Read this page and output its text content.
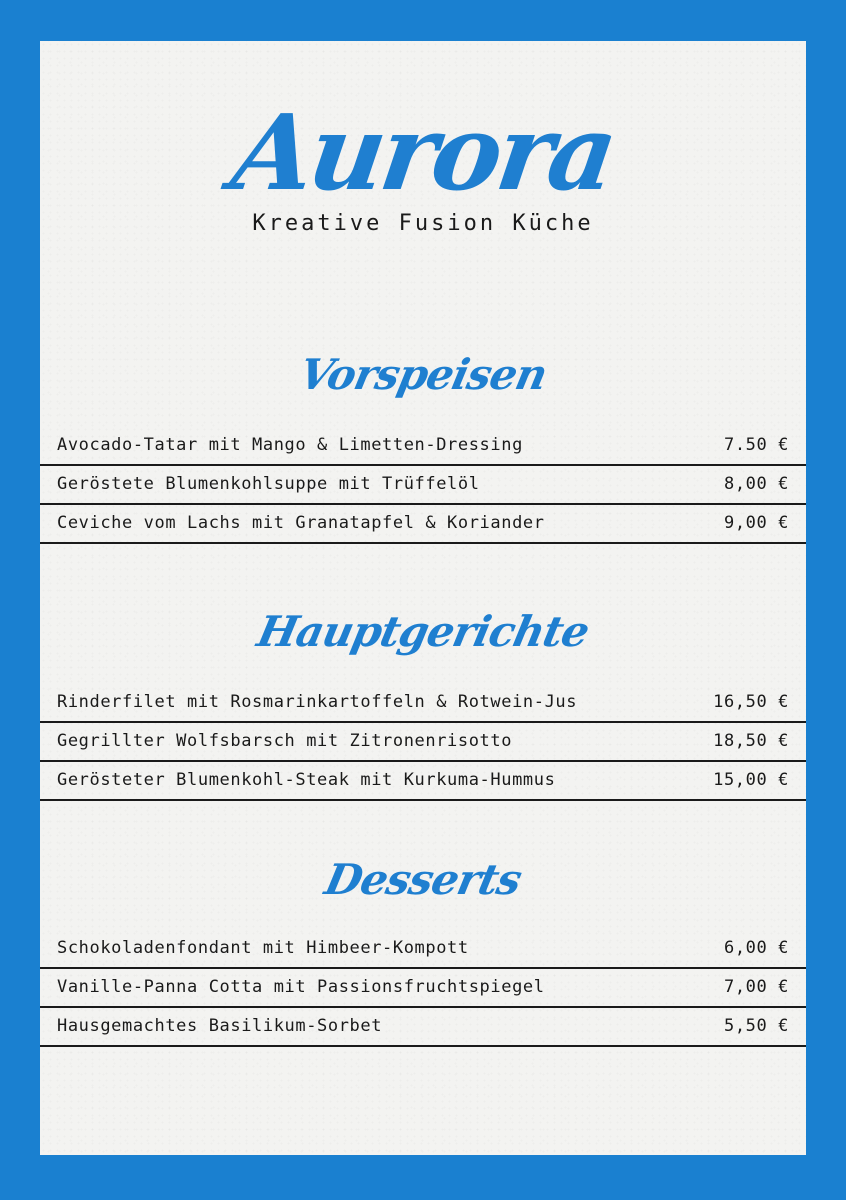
Aurora
Kreative Fusion Küche
Vorspeisen
Avocado-Tatar mit Mango & Limetten-Dressing	7.50 €
Geröstete Blumenkohlsuppe mit Trüffelöl	8,00 €
Ceviche vom Lachs mit Granatapfel & Koriander	9,00 €
Hauptgerichte
Rinderfilet mit Rosmarinkartoffeln & Rotwein-Jus	16,50 €
Gegrillter Wolfsbarsch mit Zitronenrisotto	18,50 €
Gerösteter Blumenkohl-Steak mit Kurkuma-Hummus	15,00 €
Desserts
Schokoladenfondant mit Himbeer-Kompott	6,00 €
Vanille-Panna Cotta mit Passionsfruchtspiegel	7,00 €
Hausgemachtes Basilikum-Sorbet	5,50 €
